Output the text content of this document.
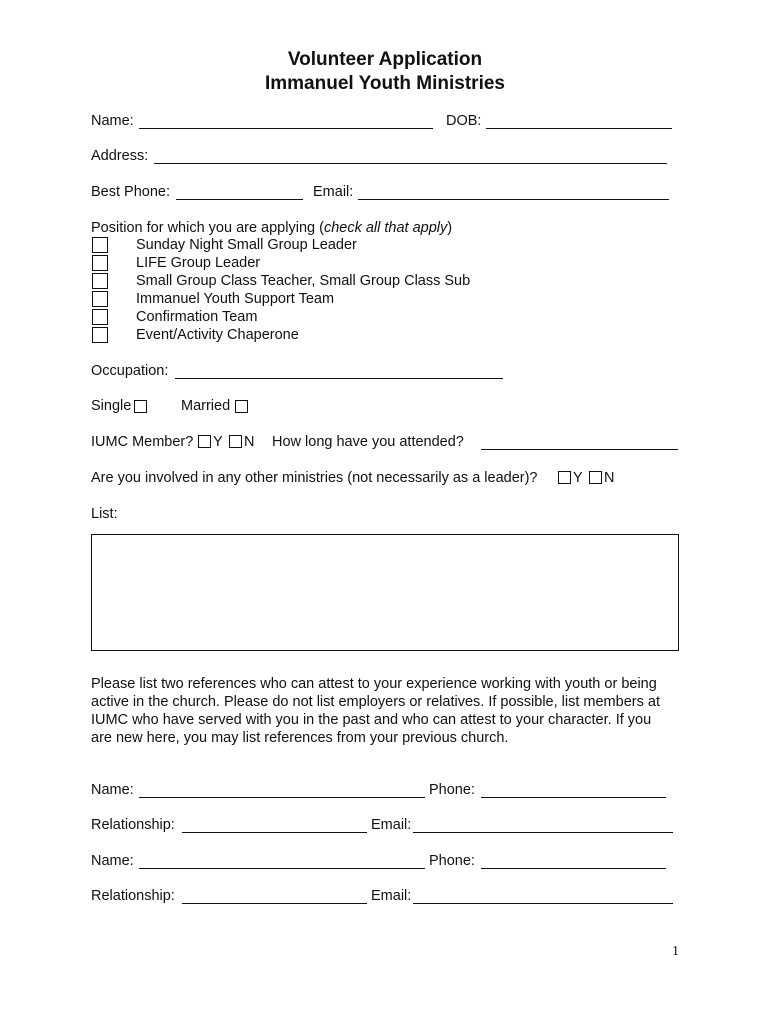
Volunteer Application
Immanuel Youth Ministries
Name:	DOB:
Address:
Best Phone:	Email:
Position for which you are applying (check all that apply)
Sunday Night Small Group Leader
LIFE Group Leader
Small Group Class Teacher, Small Group Class Sub
Immanuel Youth Support Team
Confirmation Team
Event/Activity Chaperone
Occupation:
Single	Married
IUMC Member? Y N How long have you attended?
Are you involved in any other ministries (not necessarily as a leader)? Y N
List:
Please list two references who can attest to your experience working with youth or being active in the church. Please do not list employers or relatives. If possible, list members at IUMC who have served with you in the past and who can attest to your character. If you are new here, you may list references from your previous church.
Name:	Phone:
Relationship:	Email:
Name:	Phone:
Relationship:	Email:
1
